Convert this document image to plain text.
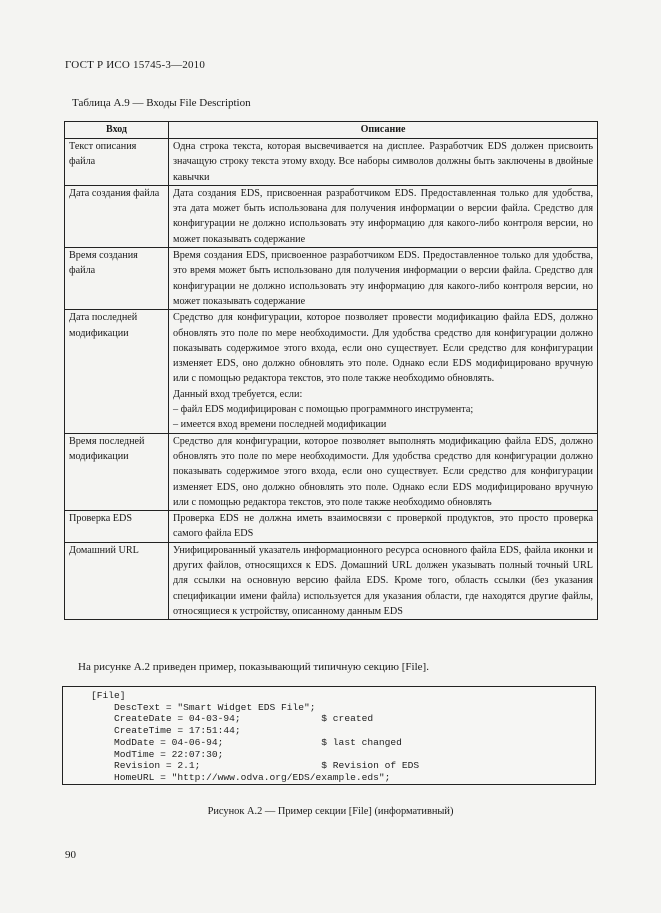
ГОСТ Р ИСО 15745-3—2010
Таблица А.9 — Входы File Description
Вход	Описание
Текст описания файла	Одна строка текста, которая высвечивается на дисплее. Разработчик EDS должен присвоить значащую строку текста этому входу. Все наборы символов должны быть заключены в двойные кавычки
Дата создания файла	Дата создания EDS, присвоенная разработчиком EDS. Предоставленная только для удобства, эта дата может быть использована для получения информации о версии файла. Средство для конфигурации не должно использовать эту информацию для какого-либо контроля версии, но может показывать содержание
Время создания файла	Время создания EDS, присвоенное разработчиком EDS. Предоставленное только для удобства, это время может быть использовано для получения информации о версии файла. Средство для конфигурации не должно использовать эту информацию для какого-либо контроля версии, но может показывать содержание
Дата последней модификации	Средство для конфигурации, которое позволяет провести модификацию файла EDS, должно обновлять это поле по мере необходимости. Для удобства средство для конфигурации должно показывать содержимое этого входа, если оно существует. Если средство для конфигурации изменяет EDS, оно должно обновлять это поле. Однако если EDS модифицировано вручную или с помощью редактора текстов, это поле также необходимо обновлять.
Данный вход требуется, если:
– файл EDS модифицирован с помощью программного инструмента;
– имеется вход времени последней модификации

Время последней модификации	Средство для конфигурации, которое позволяет выполнять модификацию файла EDS, должно обновлять это поле по мере необходимости. Для удобства средство для конфигурации должно показывать содержимое этого входа, если оно существует. Если средство для конфигурации изменяет EDS, оно должно обновлять это поле. Однако если EDS модифицировано вручную или с помощью редактора текстов, это поле также необходимо обновлять
Проверка EDS	Проверка EDS не должна иметь взаимосвязи с проверкой продуктов, это просто проверка самого файла EDS
Домашний URL	Унифицированный указатель информационного ресурса основного файла EDS, файла иконки и других файлов, относящихся к EDS. Домашний URL должен указывать полный точный URL для ссылки на основную версию файла EDS. Кроме того, область ссылки (без указания спецификации имени файла) используется для указания области, где находятся другие файлы, относящиеся к устройству, описанному данным EDS
На рисунке А.2 приведен пример, показывающий типичную секцию [File].
[File]
DescText = "Smart Widget EDS File";
CreateDate = 04-03-94;              $ created
CreateTime = 17:51:44;
ModDate = 04-06-94;                 $ last changed
ModTime = 22:07:30;
Revision = 2.1;                     $ Revision of EDS
HomeURL = "http://www.odva.org/EDS/example.eds";
Рисунок А.2 — Пример секции [File] (информативный)
90
